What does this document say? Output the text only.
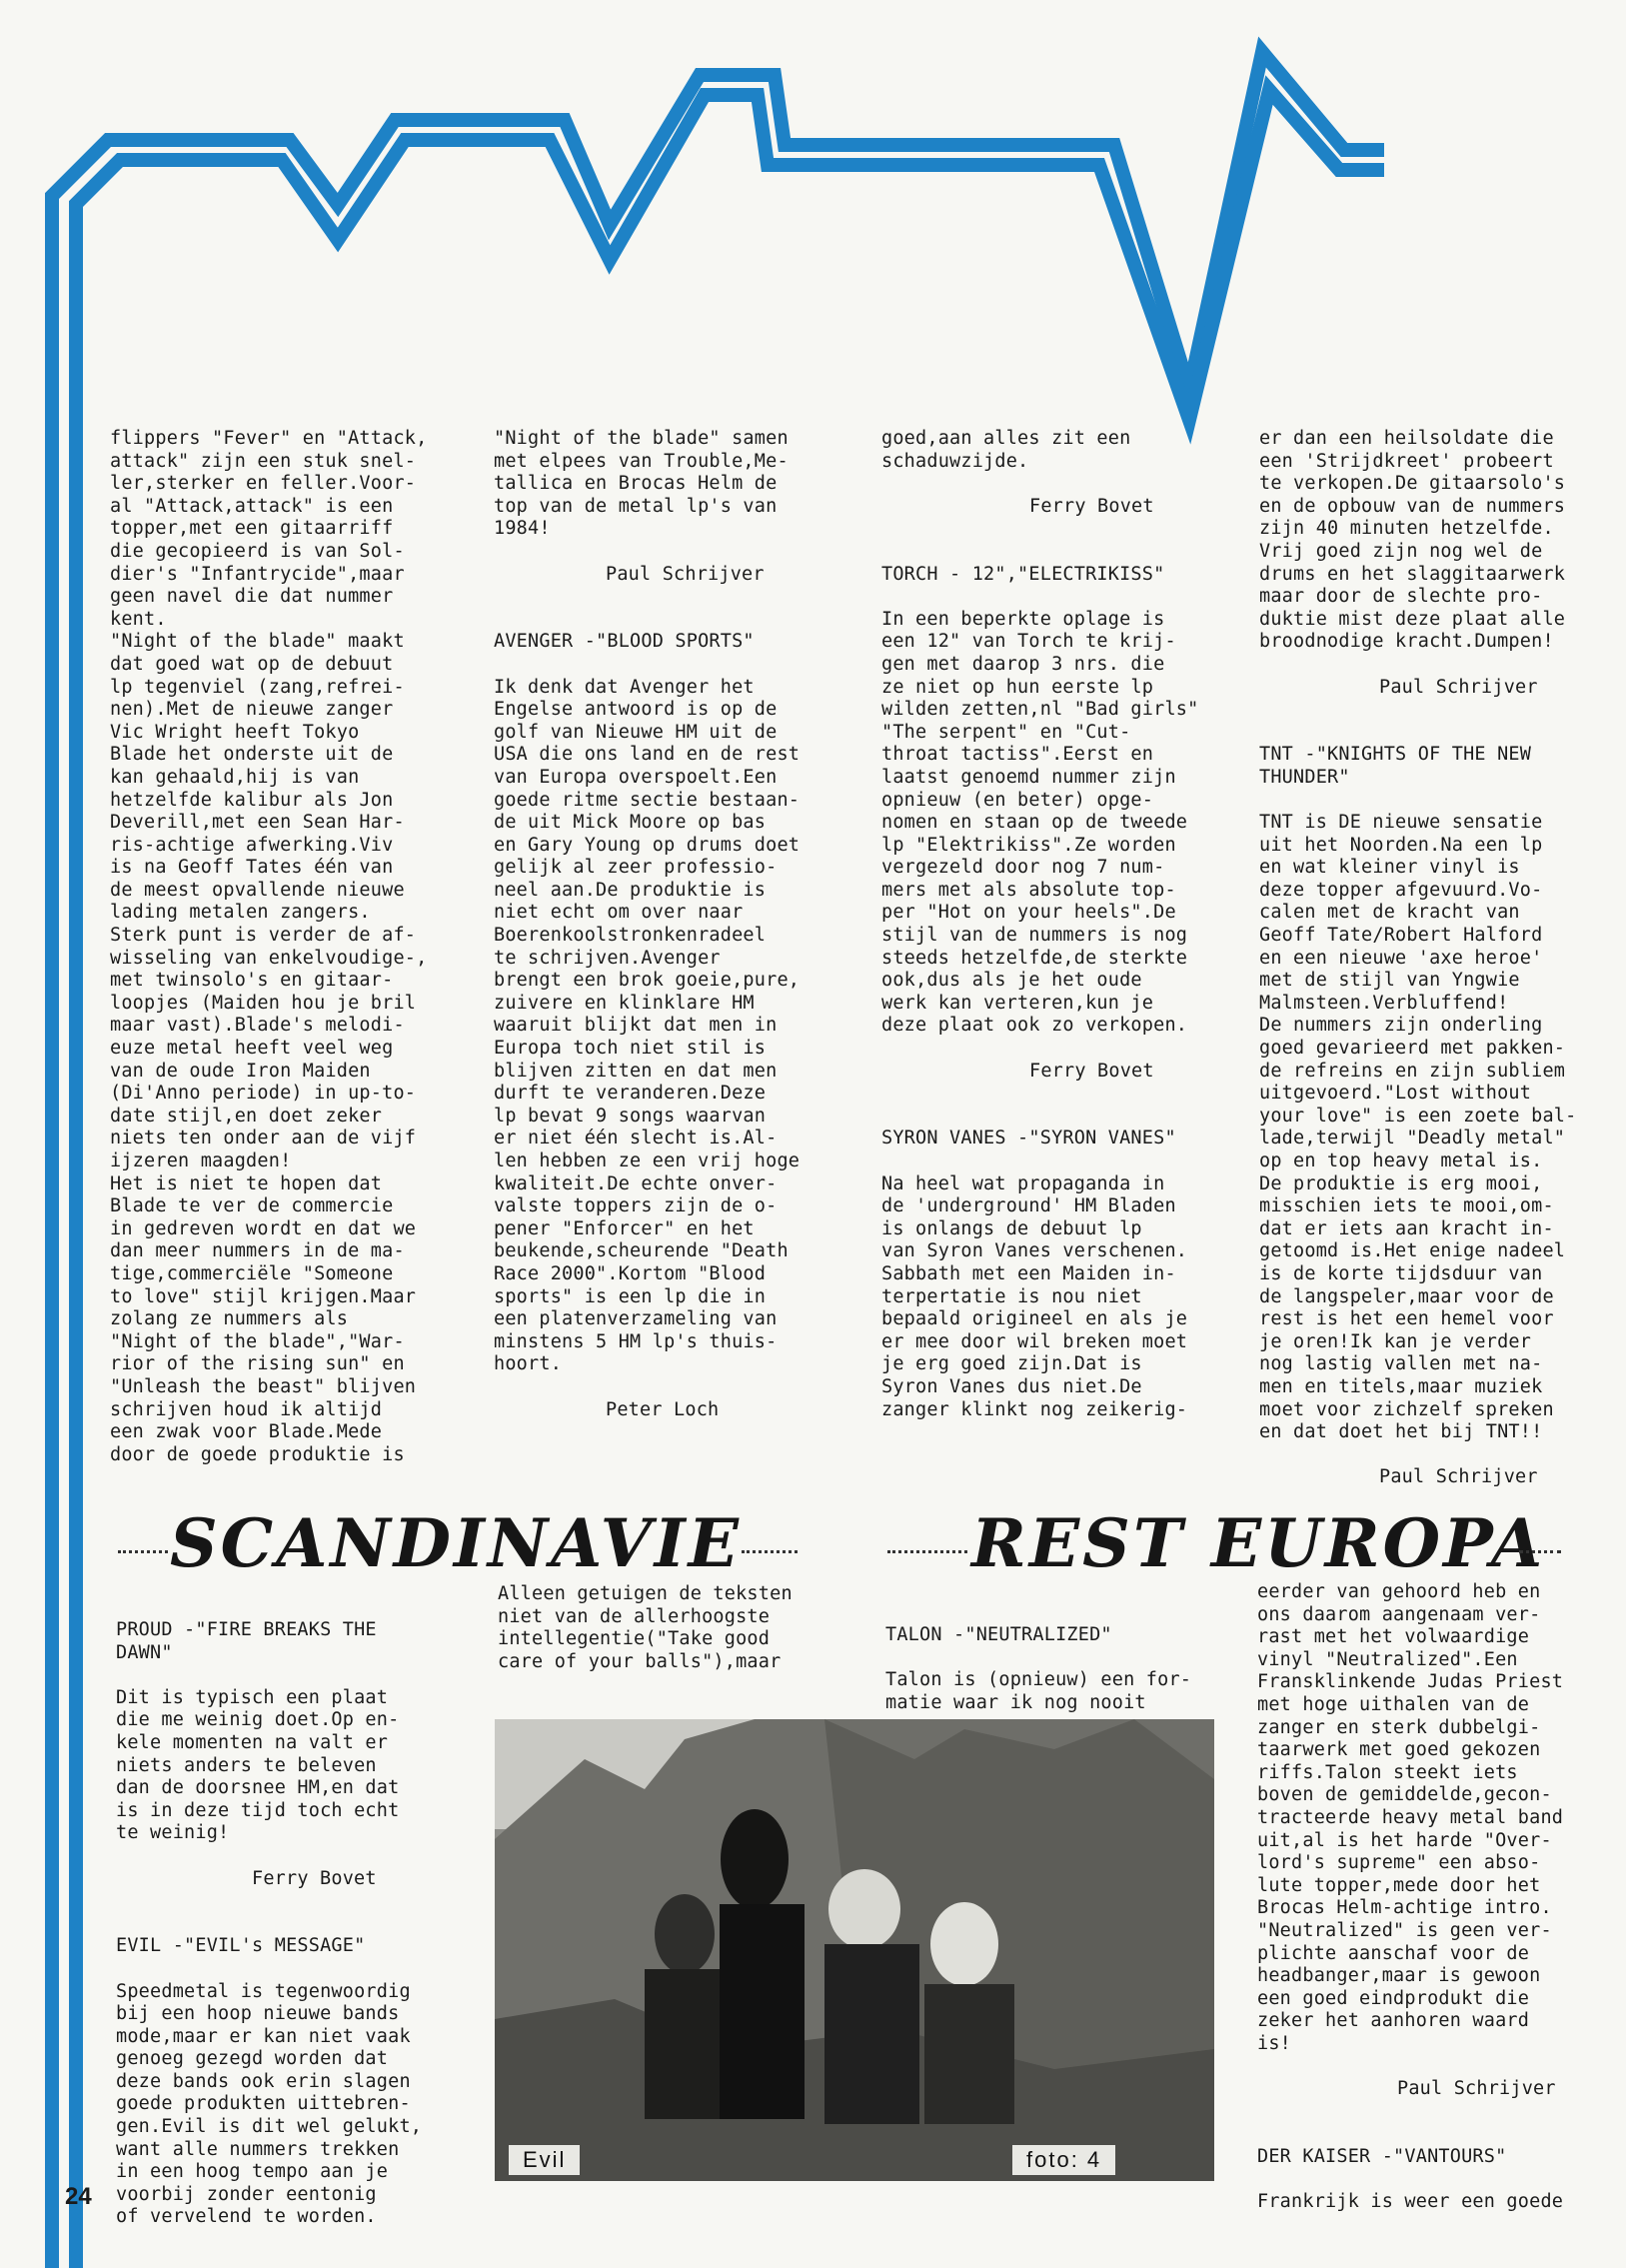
flippers "Fever" en "Attack,
attack" zijn een stuk snel-
ler,sterker en feller.Voor-
al "Attack,attack" is een
topper,met een gitaarriff
die gecopieerd is van Sol-
dier's "Infantrycide",maar
geen navel die dat nummer
kent.
"Night of the blade" maakt
dat goed wat op de debuut
lp tegenviel (zang,refrei-
nen).Met de nieuwe zanger
Vic Wright heeft Tokyo
Blade het onderste uit de
kan gehaald,hij is van
hetzelfde kalibur als Jon
Deverill,met een Sean Har-
ris-achtige afwerking.Viv
is na Geoff Tates één van
de meest opvallende nieuwe
lading metalen zangers.
Sterk punt is verder de af-
wisseling van enkelvoudige-,
met twinsolo's en gitaar-
loopjes (Maiden hou je bril
maar vast).Blade's melodi-
euze metal heeft veel weg
van de oude Iron Maiden
(Di'Anno periode) in up-to-
date stijl,en doet zeker
niets ten onder aan de vijf
ijzeren maagden!
Het is niet te hopen dat
Blade te ver de commercie
in gedreven wordt en dat we
dan meer nummers in de ma-
tige,commerciële "Someone
to love" stijl krijgen.Maar
zolang ze nummers als
"Night of the blade","War-
rior of the rising sun" en
"Unleash the beast" blijven
schrijven houd ik altijd
een zwak voor Blade.Mede
door de goede produktie is
"Night of the blade" samen
met elpees van Trouble,Me-
tallica en Brocas Helm de
top van de metal lp's van
1984!
Paul Schrijver
AVENGER -"BLOOD SPORTS"
Ik denk dat Avenger het
Engelse antwoord is op de
golf van Nieuwe HM uit de
USA die ons land en de rest
van Europa overspoelt.Een
goede ritme sectie bestaan-
de uit Mick Moore op bas
en Gary Young op drums doet
gelijk al zeer professio-
neel aan.De produktie is
niet echt om over naar
Boerenkoolstronkenradeel
te schrijven.Avenger
brengt een brok goeie,pure,
zuivere en klinklare HM
waaruit blijkt dat men in
Europa toch niet stil is
blijven zitten en dat men
durft te veranderen.Deze
lp bevat 9 songs waarvan
er niet één slecht is.Al-
len hebben ze een vrij hoge
kwaliteit.De echte onver-
valste toppers zijn de o-
pener "Enforcer" en het
beukende,scheurende "Death
Race 2000".Kortom "Blood
sports" is een lp die in
een platenverzameling van
minstens 5 HM lp's thuis-
hoort.
Peter Loch
goed,aan alles zit een
schaduwzijde.
Ferry Bovet
TORCH - 12","ELECTRIKISS"
In een beperkte oplage is
een 12" van Torch te krij-
gen met daarop 3 nrs. die
ze niet op hun eerste lp
wilden zetten,nl "Bad girls"
"The serpent" en "Cut-
throat tactiss".Eerst en
laatst genoemd nummer zijn
opnieuw (en beter) opge-
nomen en staan op de tweede
lp "Elektrikiss".Ze worden
vergezeld door nog 7 num-
mers met als absolute top-
per "Hot on your heels".De
stijl van de nummers is nog
steeds hetzelfde,de sterkte
ook,dus als je het oude
werk kan verteren,kun je
deze plaat ook zo verkopen.
Ferry Bovet
SYRON VANES -"SYRON VANES"
Na heel wat propaganda in
de 'underground' HM Bladen
is onlangs de debuut lp
van Syron Vanes verschenen.
Sabbath met een Maiden in-
terpertatie is nou niet
bepaald origineel en als je
er mee door wil breken moet
je erg goed zijn.Dat is
Syron Vanes dus niet.De
zanger klinkt nog zeikerig-
er dan een heilsoldate die
een 'Strijdkreet' probeert
te verkopen.De gitaarsolo's
en de opbouw van de nummers
zijn 40 minuten hetzelfde.
Vrij goed zijn nog wel de
drums en het slaggitaarwerk
maar door de slechte pro-
duktie mist deze plaat alle
broodnodige kracht.Dumpen!
Paul Schrijver
TNT -"KNIGHTS OF THE NEW
THUNDER"
TNT is DE nieuwe sensatie
uit het Noorden.Na een lp
en wat kleiner vinyl is
deze topper afgevuurd.Vo-
calen met de kracht van
Geoff Tate/Robert Halford
en een nieuwe 'axe heroe'
met de stijl van Yngwie
Malmsteen.Verbluffend!
De nummers zijn onderling
goed gevarieerd met pakken-
de refreins en zijn subliem
uitgevoerd."Lost without
your love" is een zoete bal-
lade,terwijl "Deadly metal"
op en top heavy metal is.
De produktie is erg mooi,
misschien iets te mooi,om-
dat er iets aan kracht in-
getoomd is.Het enige nadeel
is de korte tijdsduur van
de langspeler,maar voor de
rest is het een hemel voor
je oren!Ik kan je verder
nog lastig vallen met na-
men en titels,maar muziek
moet voor zichzelf spreken
en dat doet het bij TNT!!
Paul Schrijver
SCANDINAVIE	REST EUROPA
PROUD -"FIRE BREAKS THE
DAWN"
Dit is typisch een plaat
die me weinig doet.Op en-
kele momenten na valt er
niets anders te beleven
dan de doorsnee HM,en dat
is in deze tijd toch echt
te weinig!
Ferry Bovet
EVIL -"EVIL's MESSAGE"
Speedmetal is tegenwoordig
bij een hoop nieuwe bands
mode,maar er kan niet vaak
genoeg gezegd worden dat
deze bands ook erin slagen
goede produkten uittebren-
gen.Evil is dit wel gelukt,
want alle nummers trekken
in een hoog tempo aan je
voorbij zonder eentonig
of vervelend te worden.
Alleen getuigen de teksten
niet van de allerhoogste
intellegentie("Take good
care of your balls"),maar
TALON -"NEUTRALIZED"
Talon is (opnieuw) een for-
matie waar ik nog nooit
eerder van gehoord heb en
ons daarom aangenaam ver-
rast met het volwaardige
vinyl "Neutralized".Een
Fransklinkende Judas Priest
met hoge uithalen van de
zanger en sterk dubbelgi-
taarwerk met goed gekozen
riffs.Talon steekt iets
boven de gemiddelde,gecon-
tracteerde heavy metal band
uit,al is het harde "Over-
lord's supreme" een abso-
lute topper,mede door het
Brocas Helm-achtige intro.
"Neutralized" is geen ver-
plichte aanschaf voor de
headbanger,maar is gewoon
een goed eindprodukt die
zeker het aanhoren waard
is!
Paul Schrijver
DER KAISER -"VANTOURS"
Frankrijk is weer een goede
Evil	foto: 4
24
